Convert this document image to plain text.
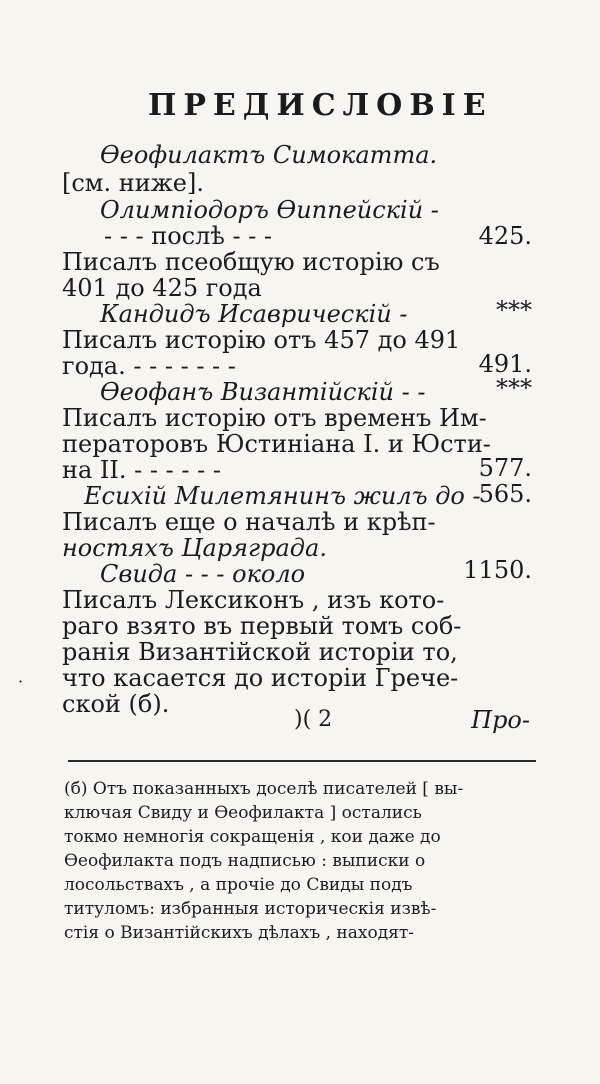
ПРЕДИСЛОВІЕ
Ѳеофилактъ Симокатта.
[см. ниже].
Олимпіодоръ Ѳиппейскій -
- - - послѣ - - -
Писалъ псеобщую исторію съ
401 до 425 года
Кандидъ Исаврическій -
Писалъ исторію отъ 457 до 491
года. - - - - - - -
Ѳеофанъ Византійскій - -
Писалъ исторію отъ временъ Им-
ператоровъ Юстиніана I. и Юсти-
на II. - - - - - -
Есихій Милетянинъ жилъ до -
Писалъ еще о началѣ и крѣп-
ностяхъ Царяграда.
Свида - - - около
Писалъ Лексиконъ , изъ кото-
раго взято въ первый томъ соб-
ранія Византійской исторіи то,
что касается до исторіи Грече-
ской (б).
425.
***
491.
***
577.
565.
1150.
·
)( 2	Про-
(б) Отъ показанныхъ доселѣ писателей [ вы-
ключая Свиду и Ѳеофилакта ] остались
токмо немногія сокращенія , кои даже до
Ѳеофилакта подъ надписью : выписки о
лосольствахъ , а прочіе до Свиды подъ
титуломъ: избранныя историческія извѣ-
стія о Византійскихъ дѣлахъ , находят-
